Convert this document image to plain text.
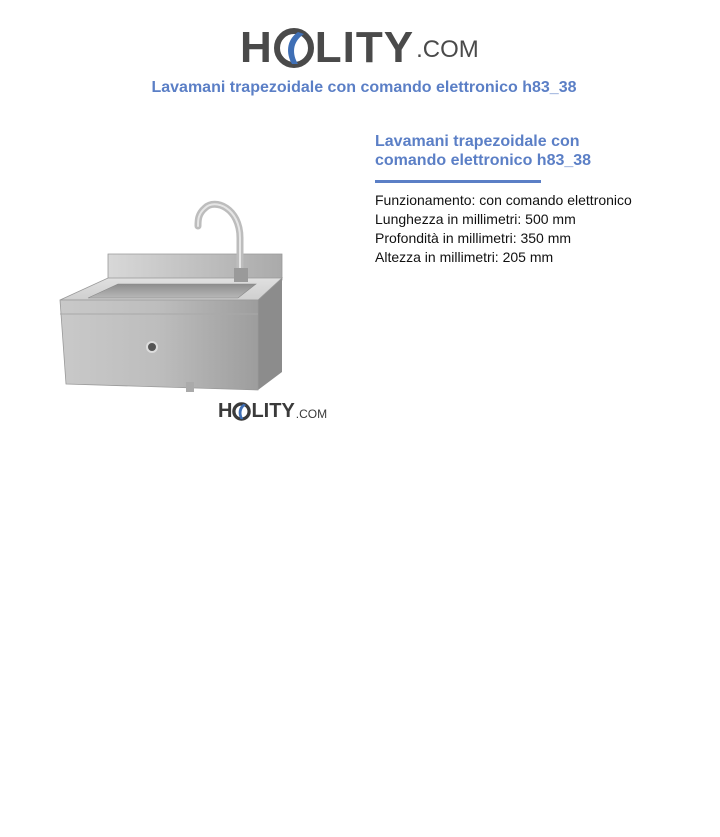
H LITY .COM
Lavamani trapezoidale con comando elettronico h83_38
H LITY .COM
Lavamani trapezoidale con
comando elettronico h83_38
Funzionamento: con comando elettronico
Lunghezza in millimetri: 500 mm
Profondità in millimetri: 350 mm
Altezza in millimetri: 205 mm
